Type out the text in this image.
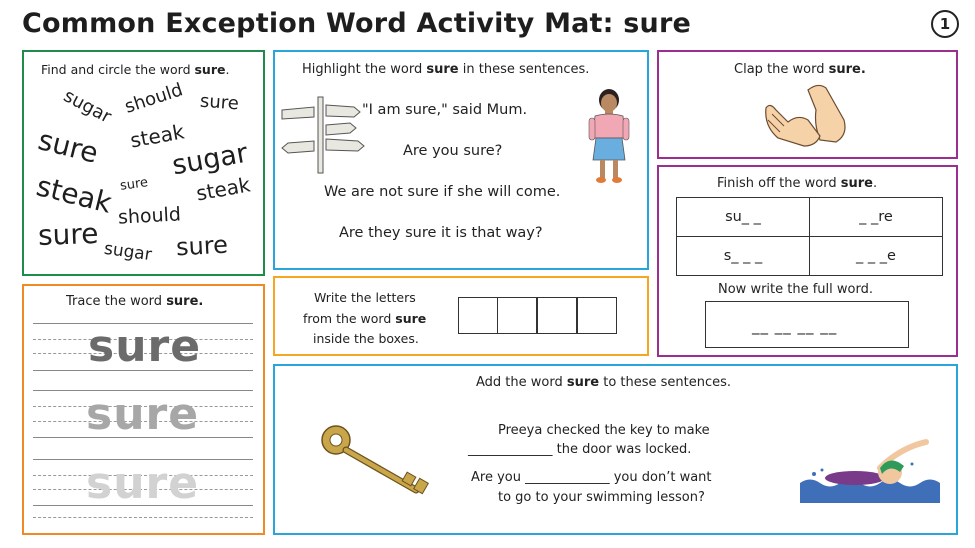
Common Exception Word Activity Mat: sure	1
Find and circle the word sure.
sugar should sure
sure steak
sugar
steak sure steak
should
sure	sure
sugar
Highlight the word sure in these sentences.
"I am sure," said Mum.
Are you sure?
We are not sure if she will come.
Are they sure it is that way?
Clap the word sure.
Finish off the word sure.
su_ _	_ _re
s_ _ _	_ _ _e
Now write the full word.
__ __ __ __
Trace the word sure.
sure
sure
sure
Write the letters
from the word sure
inside the boxes.
Add the word sure to these sentences.
Preeya checked the key to make
_____________ the door was locked.
Are you _____________ you don’t want
to go to your swimming lesson?
